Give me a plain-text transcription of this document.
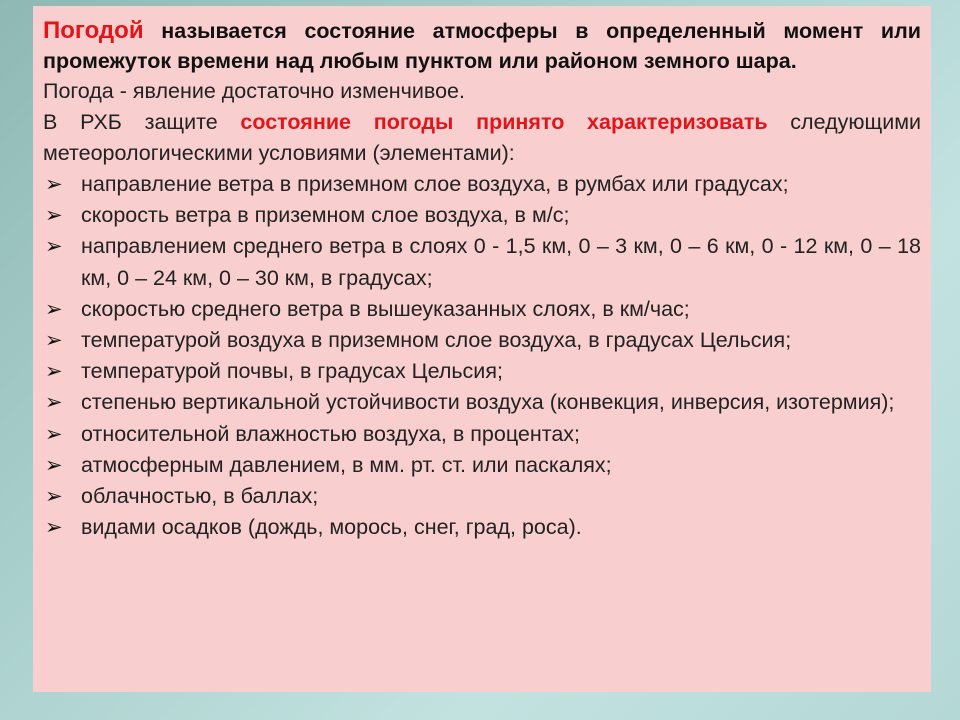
Погодой называется состояние атмосферы в определенный момент или промежуток времени над любым пунктом или районом земного шара.

Погода - явление достаточно изменчивое.

В РХБ защите состояние погоды принято характеризовать следующими метеорологическими условиями (элементами):

➢ направление ветра в приземном слое воздуха, в румбах или градусах;
➢ скорость ветра в приземном слое воздуха, в м/с;
➢ направлением среднего ветра в слоях 0 - 1,5 км, 0 – 3 км, 0 – 6 км, 0 - 12 км, 0 – 18 км, 0 – 24 км, 0 – 30 км, в градусах;
➢ скоростью среднего ветра в вышеуказанных слоях, в км/час;
➢ температурой воздуха в приземном слое воздуха, в градусах Цельсия;
➢ температурой почвы, в градусах Цельсия;
➢ степенью вертикальной устойчивости воздуха (конвекция, инверсия, изотермия);
➢ относительной влажностью воздуха, в процентах;
➢ атмосферным давлением, в мм. рт. ст. или паскалях;
➢ облачностью, в баллах;
➢ видами осадков (дождь, морось, снег, град, роса).
